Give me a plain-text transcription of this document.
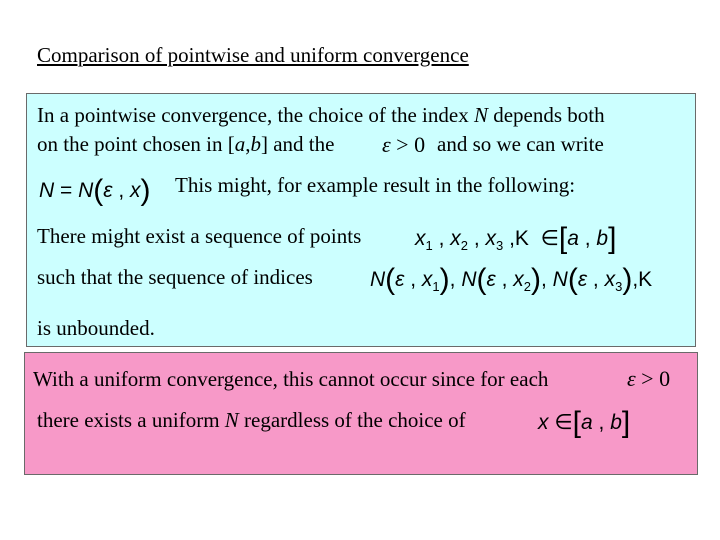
Comparison of pointwise and uniform convergence
In a pointwise convergence, the choice of the index N depends both
on the point chosen in [a,b] and the ε > 0 and so we can write
N = N(ε , x) This might, for example result in the following:
There might exist a sequence of points	$x_1$ , $x_2$ , $x_3$ ,K  ∈[a , b]
such that the sequence of indices	N(ε , $x_1$), N(ε , $x_2$), N(ε , $x_3),K$
is unbounded.
With a uniform convergence, this cannot occur since for each	ε > 0
there exists a uniform N regardless of the choice of	x ∈[a , b]
